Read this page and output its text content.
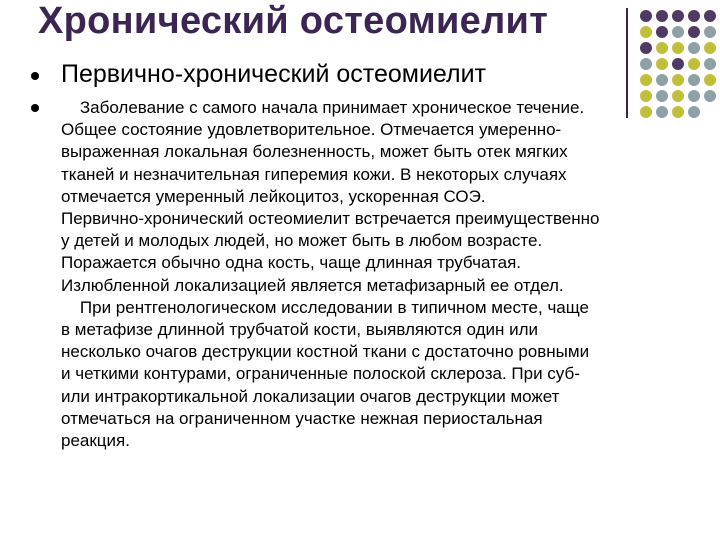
Хронический остеомиелит
Первично-хронический остеомиелит
Заболевание с самого начала принимает хроническое течение.
Общее состояние удовлетворительное. Отмечается умеренно-
выраженная локальная болезненность, может быть отек мягких
тканей и незначительная гиперемия кожи. В некоторых случаях
отмечается умеренный лейкоцитоз, ускоренная СОЭ.
Первично-хронический остеомиелит встречается преимущественно
у детей и молодых людей, но может быть в любом возрасте.
Поражается обычно одна кость, чаще длинная трубчатая.
Излюбленной локализацией является метафизарный ее отдел.
При рентгенологическом исследовании в типичном месте, чаще
в метафизе длинной трубчатой кости, выявляются один или
несколько очагов деструкции костной ткани с достаточно ровными
и четкими контурами, ограниченные полоской склероза. При суб-
или интракортикальной локализации очагов деструкции может
отмечаться на ограниченном участке нежная периостальная
реакция.
